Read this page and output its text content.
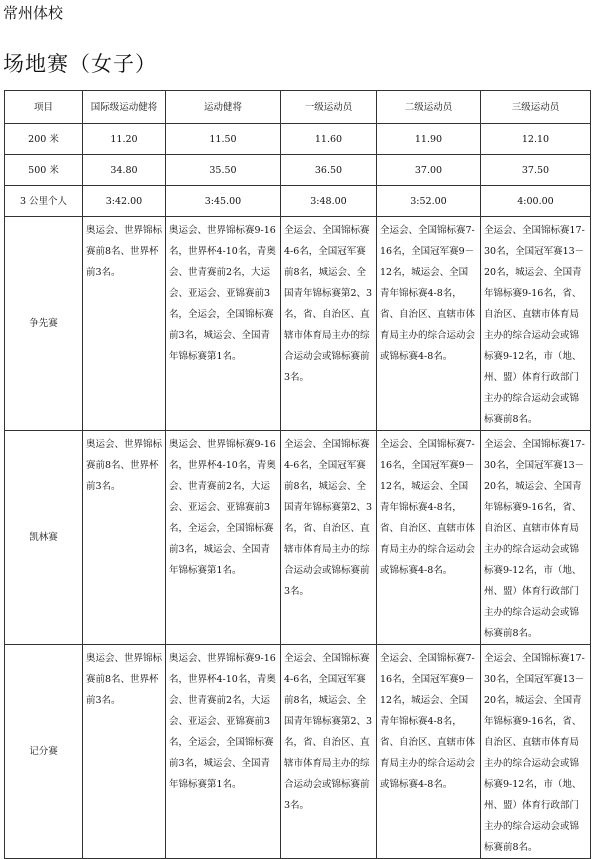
常州体校
场地赛（女子）
项目	国际级运动健将	运动健将	一级运动员	二级运动员	三级运动员
200 米	11.20	11.50	11.60	11.90	12.10
500 米	34.80	35.50	36.50	37.00	37.50
3 公里个人	3:42.00	3:45.00	3:48.00	3:52.00	4:00.00
争先赛	奥运会、世界锦标赛前8名、世界杯前3名。	奥运会、世界锦标赛9-16名，世界杯4-10名，青奥会、世青赛前2名，大运会、亚运会、亚锦赛前3名，全运会，全国锦标赛前3名，城运会、全国青年锦标赛第1名。	全运会、全国锦标赛4-6名，全国冠军赛前8名，城运会、全国青年锦标赛第2、3名，省、自治区、直辖市体育局主办的综合运动会或锦标赛前3名。	全运会、全国锦标赛7-16名，全国冠军赛9－12名，城运会、全国青年锦标赛4-8名，省、自治区、直辖市体育局主办的综合运动会或锦标赛4-8名。	全运会、全国锦标赛17-30名，全国冠军赛13－20名，城运会、全国青年锦标赛9-16名，省、自治区、直辖市体育局主办的综合运动会或锦标赛9-12名，市（地、州、盟）体育行政部门主办的综合运动会或锦标赛前8名。
凯林赛	奥运会、世界锦标赛前8名、世界杯前3名。	奥运会、世界锦标赛9-16名，世界杯4-10名，青奥会、世青赛前2名，大运会、亚运会、亚锦赛前3名，全运会，全国锦标赛前3名，城运会、全国青年锦标赛第1名。	全运会、全国锦标赛4-6名，全国冠军赛前8名，城运会、全国青年锦标赛第2、3名，省、自治区、直辖市体育局主办的综合运动会或锦标赛前3名。	全运会、全国锦标赛7-16名，全国冠军赛9－12名，城运会、全国青年锦标赛4-8名，省、自治区、直辖市体育局主办的综合运动会或锦标赛4-8名。	全运会、全国锦标赛17-30名，全国冠军赛13－20名，城运会、全国青年锦标赛9-16名，省、自治区、直辖市体育局主办的综合运动会或锦标赛9-12名，市（地、州、盟）体育行政部门主办的综合运动会或锦标赛前8名。
记分赛	奥运会、世界锦标赛前8名、世界杯前3名。	奥运会、世界锦标赛9-16名，世界杯4-10名，青奥会、世青赛前2名，大运会、亚运会、亚锦赛前3名，全运会，全国锦标赛前3名，城运会、全国青年锦标赛第1名。	全运会、全国锦标赛4-6名，全国冠军赛前8名，城运会、全国青年锦标赛第2、3名，省、自治区、直辖市体育局主办的综合运动会或锦标赛前3名。	全运会、全国锦标赛7-16名，全国冠军赛9－12名，城运会、全国青年锦标赛4-8名，省、自治区、直辖市体育局主办的综合运动会或锦标赛4-8名。	全运会、全国锦标赛17-30名，全国冠军赛13－20名，城运会、全国青年锦标赛9-16名，省、自治区、直辖市体育局主办的综合运动会或锦标赛9-12名，市（地、州、盟）体育行政部门主办的综合运动会或锦标赛前8名。
